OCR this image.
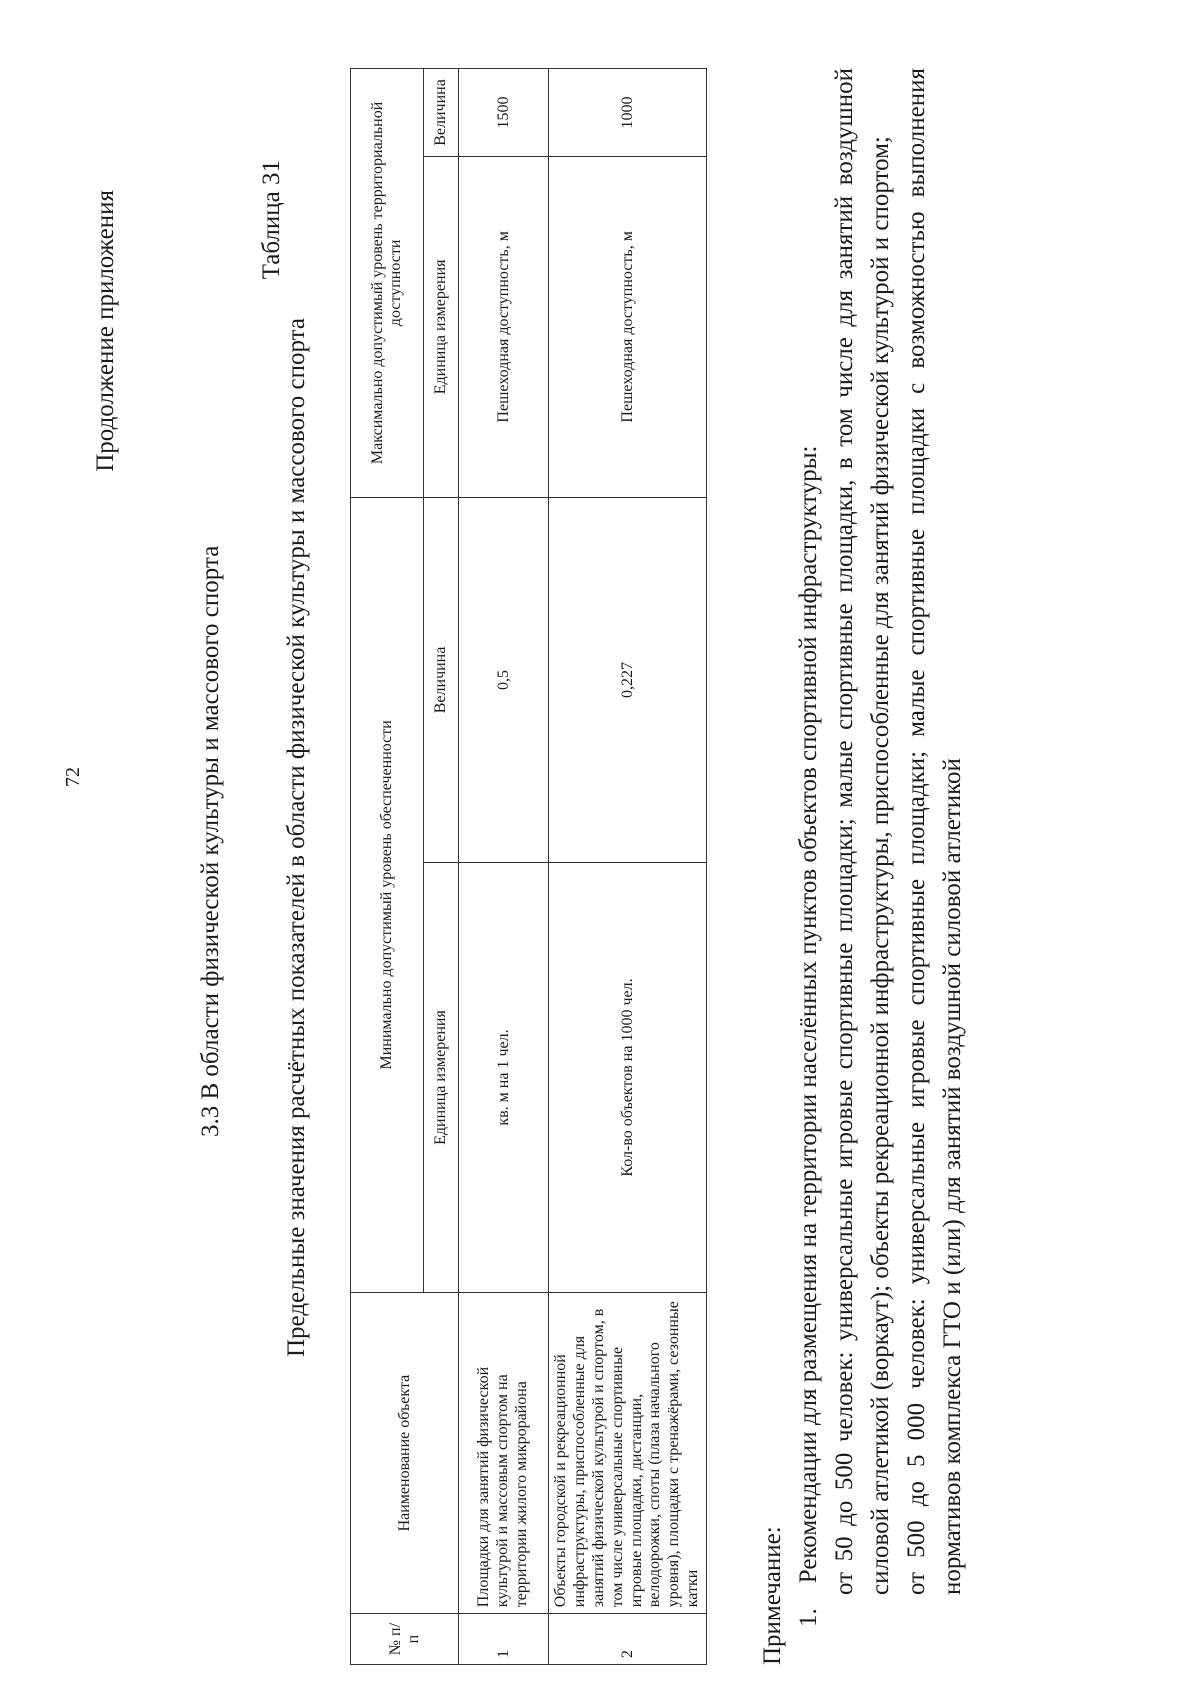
72
Продолжение приложения
3.3 В области физической культуры и массового спорта
Таблица 31
Предельные значения расчётных показателей в области физической культуры и массового спорта
№ п/п	Наименование объекта	Минимально допустимый уровень обеспеченности		Максимально допустимый уровень территориальной доступности	
		Единица измерения	Величина	Единица измерения	Величина
1	Площадки для занятий физической культурой и массовым спортом на территории жилого микрорайона	кв. м на 1 чел.	0,5	Пешеходная доступность, м	1500
2	Объекты городской и рекреационной инфраструктуры, приспособленные для занятий физической культурой и спортом, в том числе универсальные спортивные игровые площадки, дистанции, велодорожки, споты (плаза начального уровня), площадки с тренажёрами, сезонные катки	Кол-во объектов на 1000 чел.	0,227	Пешеходная доступность, м	1000

Примечание: 1.    Рекомендации для размещения на территории населённых пунктов объектов спортивной инфраструктуры: от 50 до 500 человек: универсальные игровые спортивные площадки; малые спортивные площадки, в том числе для занятий воздушной силовой атлетикой (воркаут); объекты рекреационной инфраструктуры, приспособленные для занятий физической культурой и спортом; от 500 до 5 000 человек: универсальные игровые спортивные площадки; малые спортивные площадки с возможностью выполнения нормативов комплекса ГТО и (или) для занятий воздушной силовой атлетикой
